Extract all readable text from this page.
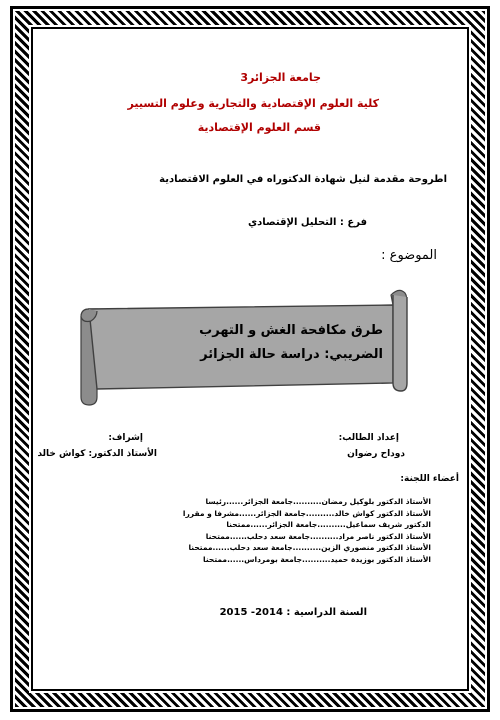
جامعة الجزائر3
كلية العلوم الإقتصادية والتجارية وعلوم التسيير
قسم العلوم الإقتصادية
اطروحة مقدمة لنيل شهادة الدكتوراه في العلوم الاقتصادية
فرع : التحليل الإقتصادي
الموضوع :
طرق مكافحة الغش و التهرب
الضريبي: دراسة حالة الجزائر
إعداد الطالب:
دوداح رضوان
إشراف:
الأستاذ الدكتور: كواش خالد
أعضاء اللجنة:
الأستاذ الدكتور بلوكيل رمضان..........جامعة الجزائر......رئيسا
الأستاذ الدكتور كواش خالد..........جامعة الجزائر......مشرفا و مقررا
الدكتور شريف سماعيل..........جامعة الجزائر......ممتحنا
الأستاذ الدكتور ناصر مراد..........جامعة سعد دحلب......ممتحنا
الأستاذ الدكتور منصوري الزين..........جامعة سعد دحلب......ممتحنا
الأستاذ الدكتور بوزيدة حميد..........جامعة بومرداس......ممتحنا
السنة الدراسية : 2014- 2015
